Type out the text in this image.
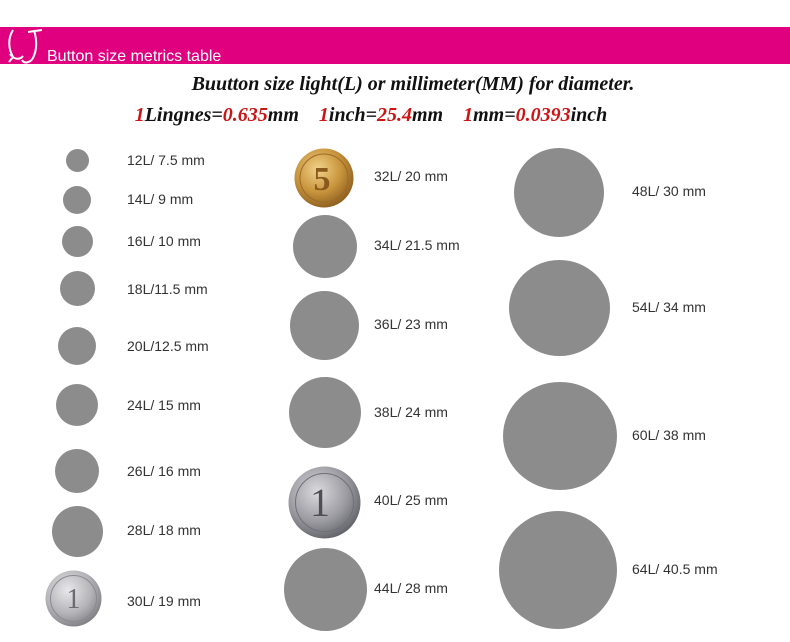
Button size metrics table
Buutton size light(L) or millimeter(MM) for diameter.
1Lingnes=0.635mm 1inch=25.4mm 1mm=0.0393inch
12L/ 7.5 mm
14L/ 9 mm
16L/ 10 mm
18L/11.5 mm
20L/12.5 mm
24L/ 15 mm
26L/ 16 mm
28L/ 18 mm
1	30L/ 19 mm
5	32L/ 20 mm
34L/ 21.5 mm
36L/ 23 mm
38L/ 24 mm
1	40L/ 25 mm
44L/ 28 mm
48L/ 30 mm
54L/ 34 mm
60L/ 38 mm
64L/ 40.5 mm
